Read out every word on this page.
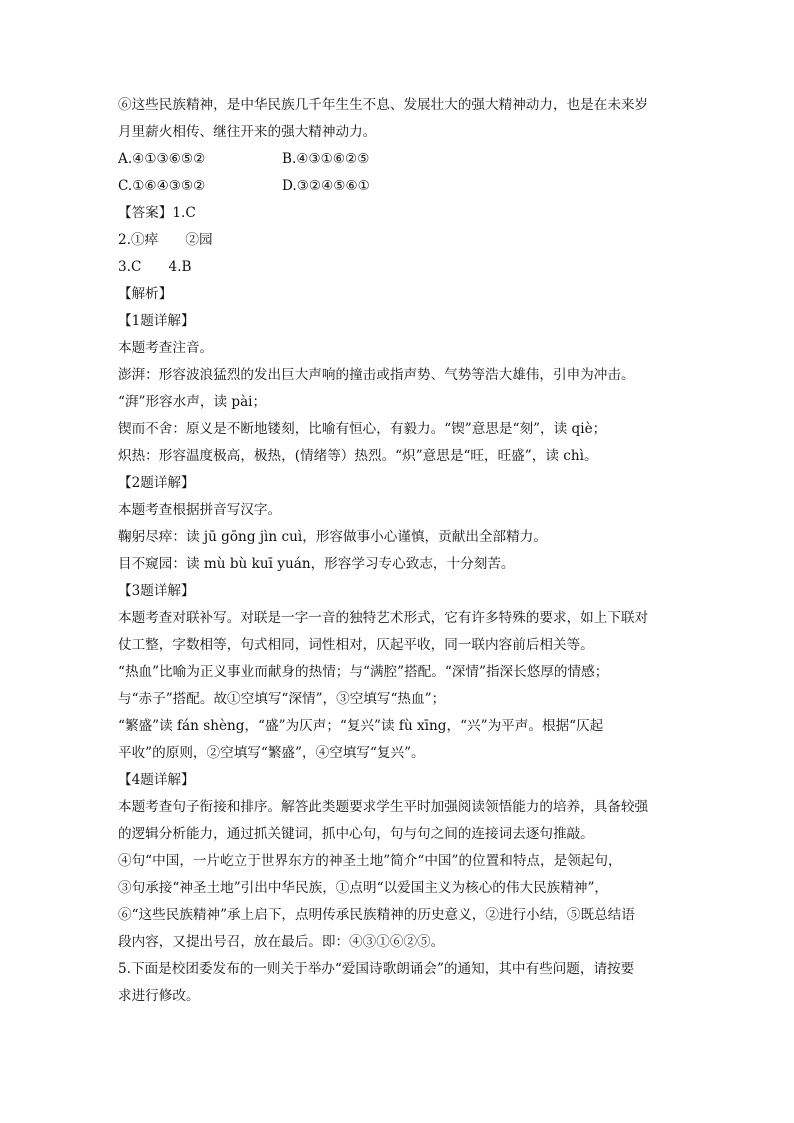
⑥这些民族精神，是中华民族几千年生生不息、发展壮大的强大精神动力，也是在未来岁
月里薪火相传、继往开来的强大精神动力。
A.④①③⑥⑤②	B.④③①⑥②⑤
C.①⑥④③⑤②	D.③②④⑤⑥①
【答案】1.C
2.①瘁　　②园
3.C　　4.B
【解析】
【1题详解】
本题考查注音。
澎湃：形容波浪猛烈的发出巨大声响的撞击或指声势、气势等浩大雄伟，引申为冲击。
“湃”形容水声，读 pài；
锲而不舍：原义是不断地镂刻，比喻有恒心，有毅力。“锲”意思是“刻”，读 qiè；
炽热：形容温度极高，极热，(情绪等）热烈。“炽”意思是“旺，旺盛”，读 chì。
【2题详解】
本题考查根据拼音写汉字。
鞠躬尽瘁：读 jū gōng jìn cuì，形容做事小心谨慎，贡献出全部精力。
目不窥园：读 mù bù kuī yuán，形容学习专心致志，十分刻苦。
【3题详解】
本题考查对联补写。对联是一字一音的独特艺术形式，它有许多特殊的要求，如上下联对
仗工整，字数相等，句式相同，词性相对，仄起平收，同一联内容前后相关等。
“热血”比喻为正义事业而献身的热情；与“满腔”搭配。“深情”指深长悠厚的情感；
与“赤子”搭配。故①空填写“深情”，③空填写“热血”；
“繁盛”读 fán shèng，“盛”为仄声；“复兴”读 fù xīng，“兴”为平声。根据“仄起
平收”的原则，②空填写“繁盛”，④空填写“复兴”。
【4题详解】
本题考查句子衔接和排序。解答此类题要求学生平时加强阅读领悟能力的培养，具备较强
的逻辑分析能力，通过抓关键词，抓中心句，句与句之间的连接词去逐句推敲。
④句“中国，一片屹立于世界东方的神圣土地”简介“中国”的位置和特点，是领起句，
③句承接“神圣土地”引出中华民族，①点明“以爱国主义为核心的伟大民族精神”，
⑥“这些民族精神”承上启下，点明传承民族精神的历史意义，②进行小结，⑤既总结语
段内容，又提出号召，放在最后。即：④③①⑥②⑤。
5.下面是校团委发布的一则关于举办“爱国诗歌朗诵会”的通知，其中有些问题，请按要
求进行修改。
